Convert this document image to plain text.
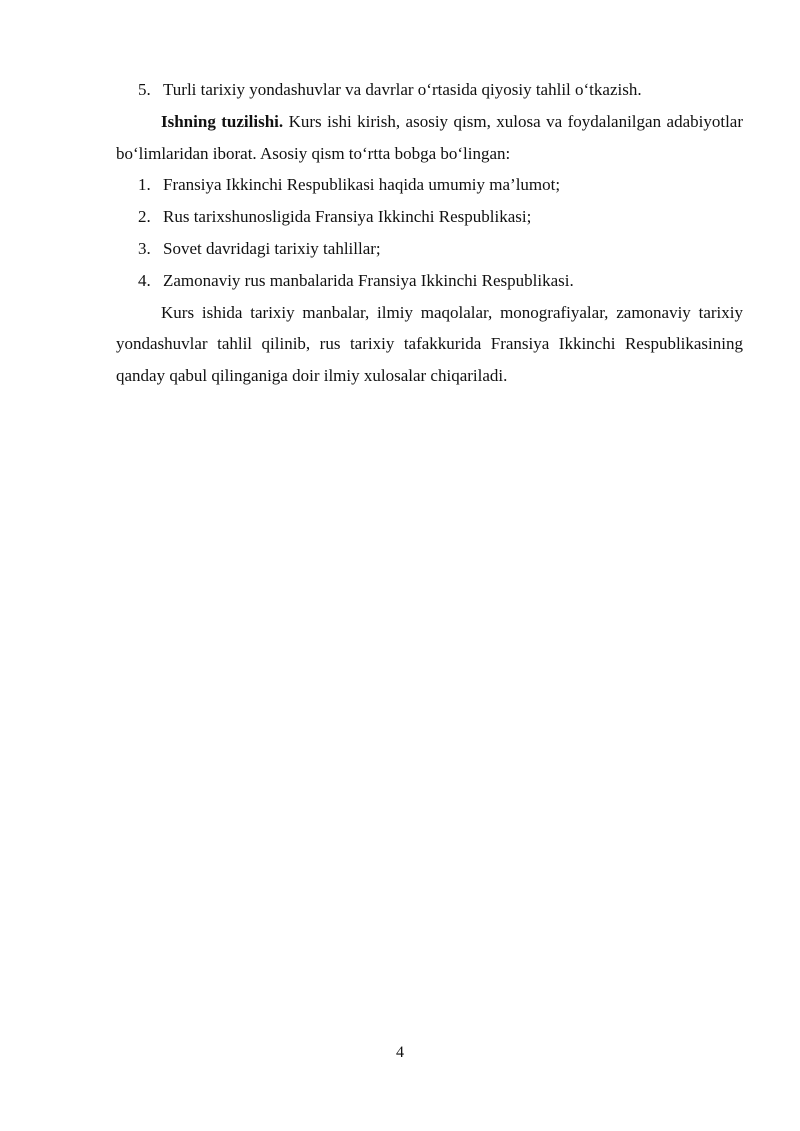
5. Turli tarixiy yondashuvlar va davrlar o‘rtasida qiyosiy tahlil o‘tkazish.

Ishning tuzilishi. Kurs ishi kirish, asosiy qism, xulosa va foydalanilgan adabiyotlar bo‘limlaridan iborat. Asosiy qism to‘rtta bobga bo‘lingan:

1. Fransiya Ikkinchi Respublikasi haqida umumiy ma’lumot;
2. Rus tarixshunosligida Fransiya Ikkinchi Respublikasi;
3. Sovet davridagi tarixiy tahlillar;
4. Zamonaviy rus manbalarida Fransiya Ikkinchi Respublikasi.

Kurs ishida tarixiy manbalar, ilmiy maqolalar, monografiyalar, zamonaviy tarixiy yondashuvlar tahlil qilinib, rus tarixiy tafakkurida Fransiya Ikkinchi Respublikasining qanday qabul qilinganiga doir ilmiy xulosalar chiqariladi.

4
